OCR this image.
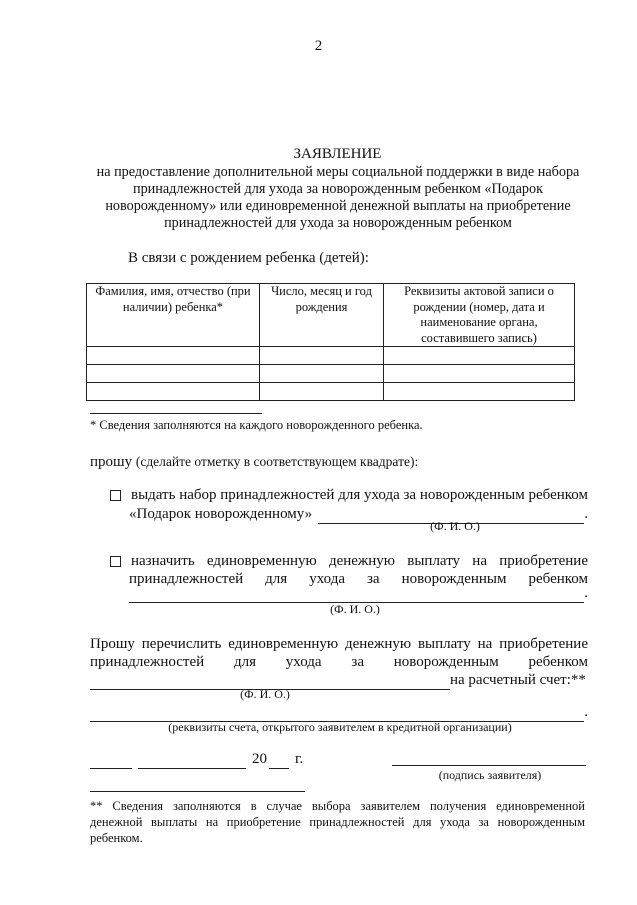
2
ЗАЯВЛЕНИЕ
на предоставление дополнительной меры социальной поддержки в виде набора принадлежностей для ухода за новорожденным ребенком «Подарок новорожденному» или единовременной денежной выплаты на приобретение принадлежностей для ухода за новорожденным ребенком
В связи с рождением ребенка (детей):
Фамилия, имя, отчество (при наличии) ребенка*	Число, месяц и год рождения	Реквизиты актовой записи о рождении (номер, дата и наименование органа, составившего запись)

* Сведения заполняются на каждого новорожденного ребенка.
прошу (сделайте отметку в соответствующем квадрате):
выдать набор принадлежностей для ухода за новорожденным ребенком
«Подарок новорожденному»	.
(Ф. И. О.)
назначить единовременную денежную выплату на приобретение
принадлежностей для ухода за новорожденным ребенком
.
(Ф. И. О.)
Прошу перечислить единовременную денежную выплату на приобретение
принадлежностей для ухода за новорожденным ребенком
на расчетный счет:**
(Ф. И. О.)
.
(реквизиты счета, открытого заявителем в кредитной организации)
20 г.
(подпись заявителя)
** Сведения заполняются в случае выбора заявителем получения единовременной денежной выплаты на приобретение принадлежностей для ухода за новорожденным ребенком.
